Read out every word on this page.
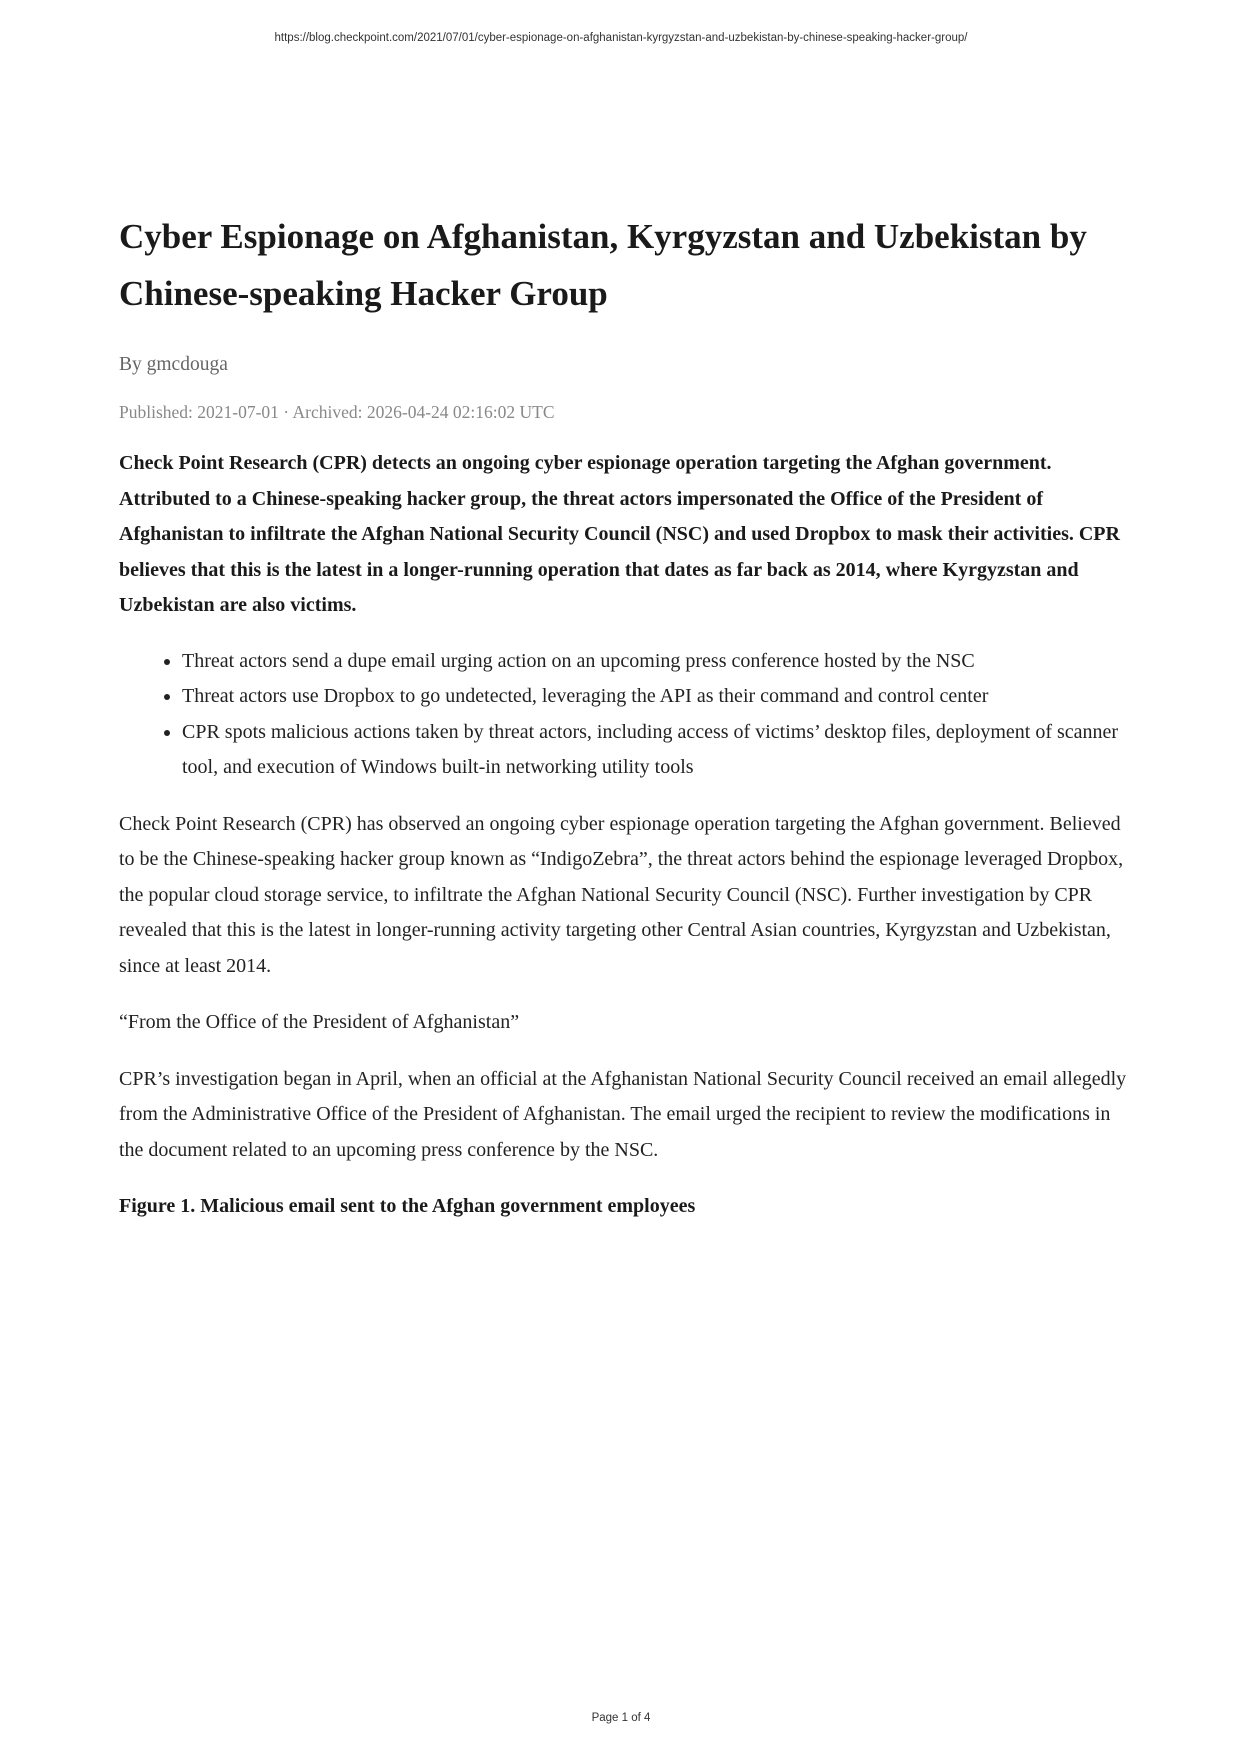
https://blog.checkpoint.com/2021/07/01/cyber-espionage-on-afghanistan-kyrgyzstan-and-uzbekistan-by-chinese-speaking-hacker-group/
Cyber Espionage on Afghanistan, Kyrgyzstan and Uzbekistan by Chinese-speaking Hacker Group

By gmcdouga

Published: 2021-07-01 · Archived: 2026-04-24 02:16:02 UTC

Check Point Research (CPR) detects an ongoing cyber espionage operation targeting the Afghan government. Attributed to a Chinese-speaking hacker group, the threat actors impersonated the Office of the President of Afghanistan to infiltrate the Afghan National Security Council (NSC) and used Dropbox to mask their activities. CPR believes that this is the latest in a longer-running operation that dates as far back as 2014, where Kyrgyzstan and Uzbekistan are also victims.

• Threat actors send a dupe email urging action on an upcoming press conference hosted by the NSC
• Threat actors use Dropbox to go undetected, leveraging the API as their command and control center
• CPR spots malicious actions taken by threat actors, including access of victims’ desktop files, deployment of scanner tool, and execution of Windows built-in networking utility tools

Check Point Research (CPR) has observed an ongoing cyber espionage operation targeting the Afghan government. Believed to be the Chinese-speaking hacker group known as “IndigoZebra”, the threat actors behind the espionage leveraged Dropbox, the popular cloud storage service, to infiltrate the Afghan National Security Council (NSC). Further investigation by CPR revealed that this is the latest in longer-running activity targeting other Central Asian countries, Kyrgyzstan and Uzbekistan, since at least 2014.

“From the Office of the President of Afghanistan”

CPR’s investigation began in April, when an official at the Afghanistan National Security Council received an email allegedly from the Administrative Office of the President of Afghanistan. The email urged the recipient to review the modifications in the document related to an upcoming press conference by the NSC.

Figure 1. Malicious email sent to the Afghan government employees

Page 1 of 4
